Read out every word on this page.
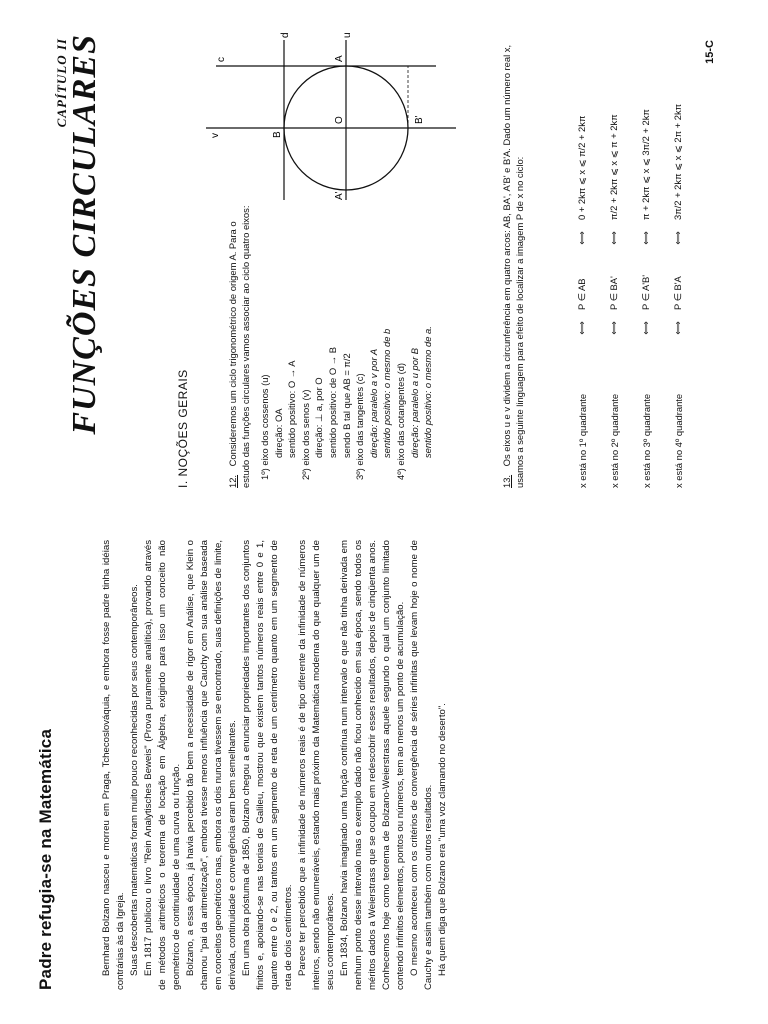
Padre refugia-se na Matemática	Bernhard Bolzano nasceu e morreu em Praga, Tchecoslováquia, e embora fosse padre tinha idéias contrárias às da Igreja. Suas descobertas matemáticas foram muito pouco reconhecidas por seus contemporâneos. Em 1817 publicou o livro "Rein Analytisches Beweis" (Prova puramente analítica), provando através de métodos aritméticos o teorema de locação em Álgebra, exigindo para isso um conceito não geométrico de continuidade de uma curva ou função. Bolzano, a essa época, já havia percebido tão bem a necessidade de rigor em Análise, que Klein o chamou "pai da aritmetização", embora tivesse menos influência que Cauchy com sua análise baseada em conceitos geométricos mas, embora os dois nunca tivessem se encontrado, suas definições de limite, derivada, continuidade e convergência eram bem semelhantes. Em uma obra póstuma de 1850, Bolzano chegou a enunciar propriedades importantes dos conjuntos finitos e, apoiando-se nas teorias de Galileu, mostrou que existem tantos números reais entre 0 e 1, quanto entre 0 e 2, ou tantos em um segmento de reta de um centímetro quanto em um segmento de reta de dois centímetros. Parece ter percebido que a infinidade de números reais é de tipo diferente da infinidade de números inteiros, sendo não enumeráveis, estando mais próximo da Matemática moderna do que qualquer um de seus contemporâneos. Em 1834, Bolzano havia imaginado uma função contínua num intervalo e que não tinha derivada em nenhum ponto desse intervalo mas o exemplo dado não ficou conhecido em sua época, sendo todos os méritos dados a Weierstrass que se ocupou em redescobrir esses resultados, depois de cinqüenta anos. Conhecemos hoje como teorema de Bolzano-Weierstrass aquele segundo o qual um conjunto limitado contendo infinitos elementos, pontos ou números, tem ao menos um ponto de acumulação. O mesmo aconteceu com os critérios de convergência de séries infinitas que levam hoje o nome de Cauchy e assim também com outros resultados. Há quem diga que Bolzano era "uma voz clamando no deserto".

CAPÍTULO II
FUNÇÕES CIRCULARES	I. NOÇÕES GERAIS	12. Consideremos um ciclo trigonométrico de origem A. Para o estudo das funções circulares vamos associar ao ciclo quatro eixos: 1º) eixo dos cossenos (u) direção: OA sentido positivo: O → A 2º) eixo dos senos (v) direção: ⊥ a, por O sentido positivo: de O → B sendo B tal que AB = π/2 3º) eixo das tangentes (c) direção: paralelo a v por A sentido positivo: o mesmo de b 4º) eixo das cotangentes (d) direção: paralelo a u por B sentido positivo: o mesmo de a.
v
c
d	u
A
A'
B
B'
O
13. Os eixos u e v dividem a circunferência em quatro arcos: AB, BA', A'B' e B'A. Dado um número real x, usamos a seguinte linguagem para efeito de localizar a imagem P de x no ciclo:	x está no 1º quadrante
⟺
P ∈ AB
⟺
0 + 2kπ ⩽ x ⩽ π/2 + 2kπ
x está no 2º quadrante
⟺
P ∈ BA'
⟺
π/2 + 2kπ ⩽ x ⩽ π + 2kπ
x está no 3º quadrante
⟺
P ∈ A'B'
⟺
π + 2kπ ⩽ x ⩽ 3π/2 + 2kπ
x está no 4º quadrante
⟺
P ∈ B'A
⟺
3π/2 + 2kπ ⩽ x ⩽ 2π + 2kπ
15-C
